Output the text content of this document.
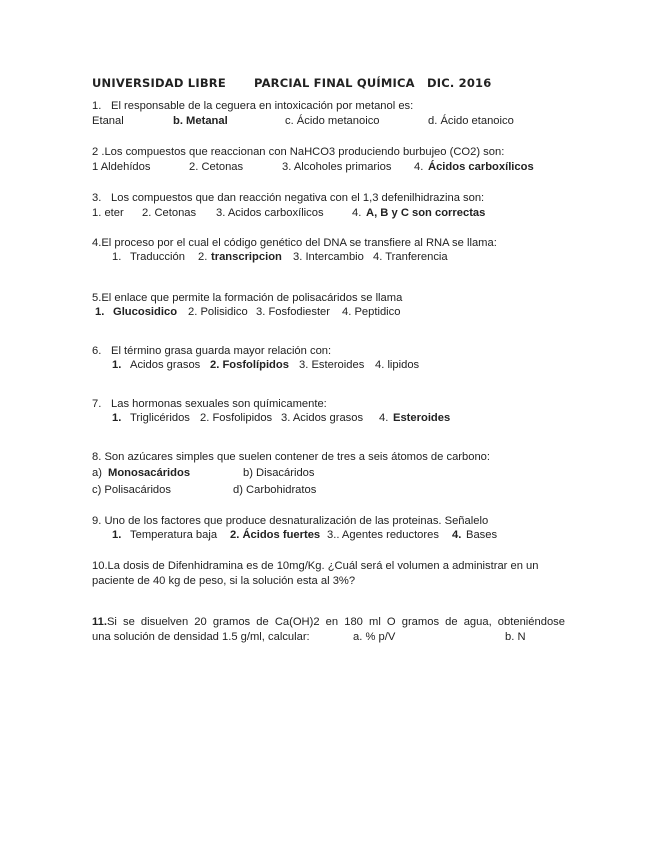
UNIVERSIDAD LIBRE PARCIAL FINAL QUÍMICA DIC. 2016
1. El responsable de la ceguera en intoxicación por metanol es:
Etanal	b. Metanal	c. Ácido metanoico	d. Ácido etanoico
2 .Los compuestos que reaccionan con NaHCO3 produciendo burbujeo (CO2) son:
1 Aldehídos	2. Cetonas	3. Alcoholes primarios 4. Ácidos carboxílicos
3. Los compuestos que dan reacción negativa con el 1,3 defenilhidrazina son:
1. eter 2. Cetonas 3. Acidos carboxílicos	4. A, B y C son correctas
4.El proceso por el cual el código genético del DNA se transfiere al RNA se llama:
1. Traducción 2. transcripcion 3. Intercambio 4. Tranferencia
5.El enlace que permite la formación de polisacáridos se llama
1. Glucosidico 2. Polisidico 3. Fosfodiester 4. Peptidico
6. El término grasa guarda mayor relación con:
1. Acidos grasos 2. Fosfolípidos 3. Esteroides 4. lipidos
7. Las hormonas sexuales son químicamente:
1. Triglicéridos 2. Fosfolipidos 3. Acidos grasos 4. Esteroides
8. Son azúcares simples que suelen contener de tres a seis átomos de carbono:
a) Monosacáridos	b) Disacáridos
c) Polisacáridos	d) Carbohidratos
9. Uno de los factores que produce desnaturalización de las proteinas. Señalelo
1. Temperatura baja 2. Ácidos fuertes 3.. Agentes reductores 4. Bases
10.La dosis de Difenhidramina es de 10mg/Kg. ¿Cuál será el volumen a administrar en un
paciente de 40 kg de peso, si la solución esta al 3%?
11.Si se disuelven 20 gramos de Ca(OH)2 en 180 ml O gramos de agua, obteniéndose
una solución de densidad 1.5 g/ml, calcular:	a. % p/V	b. N
